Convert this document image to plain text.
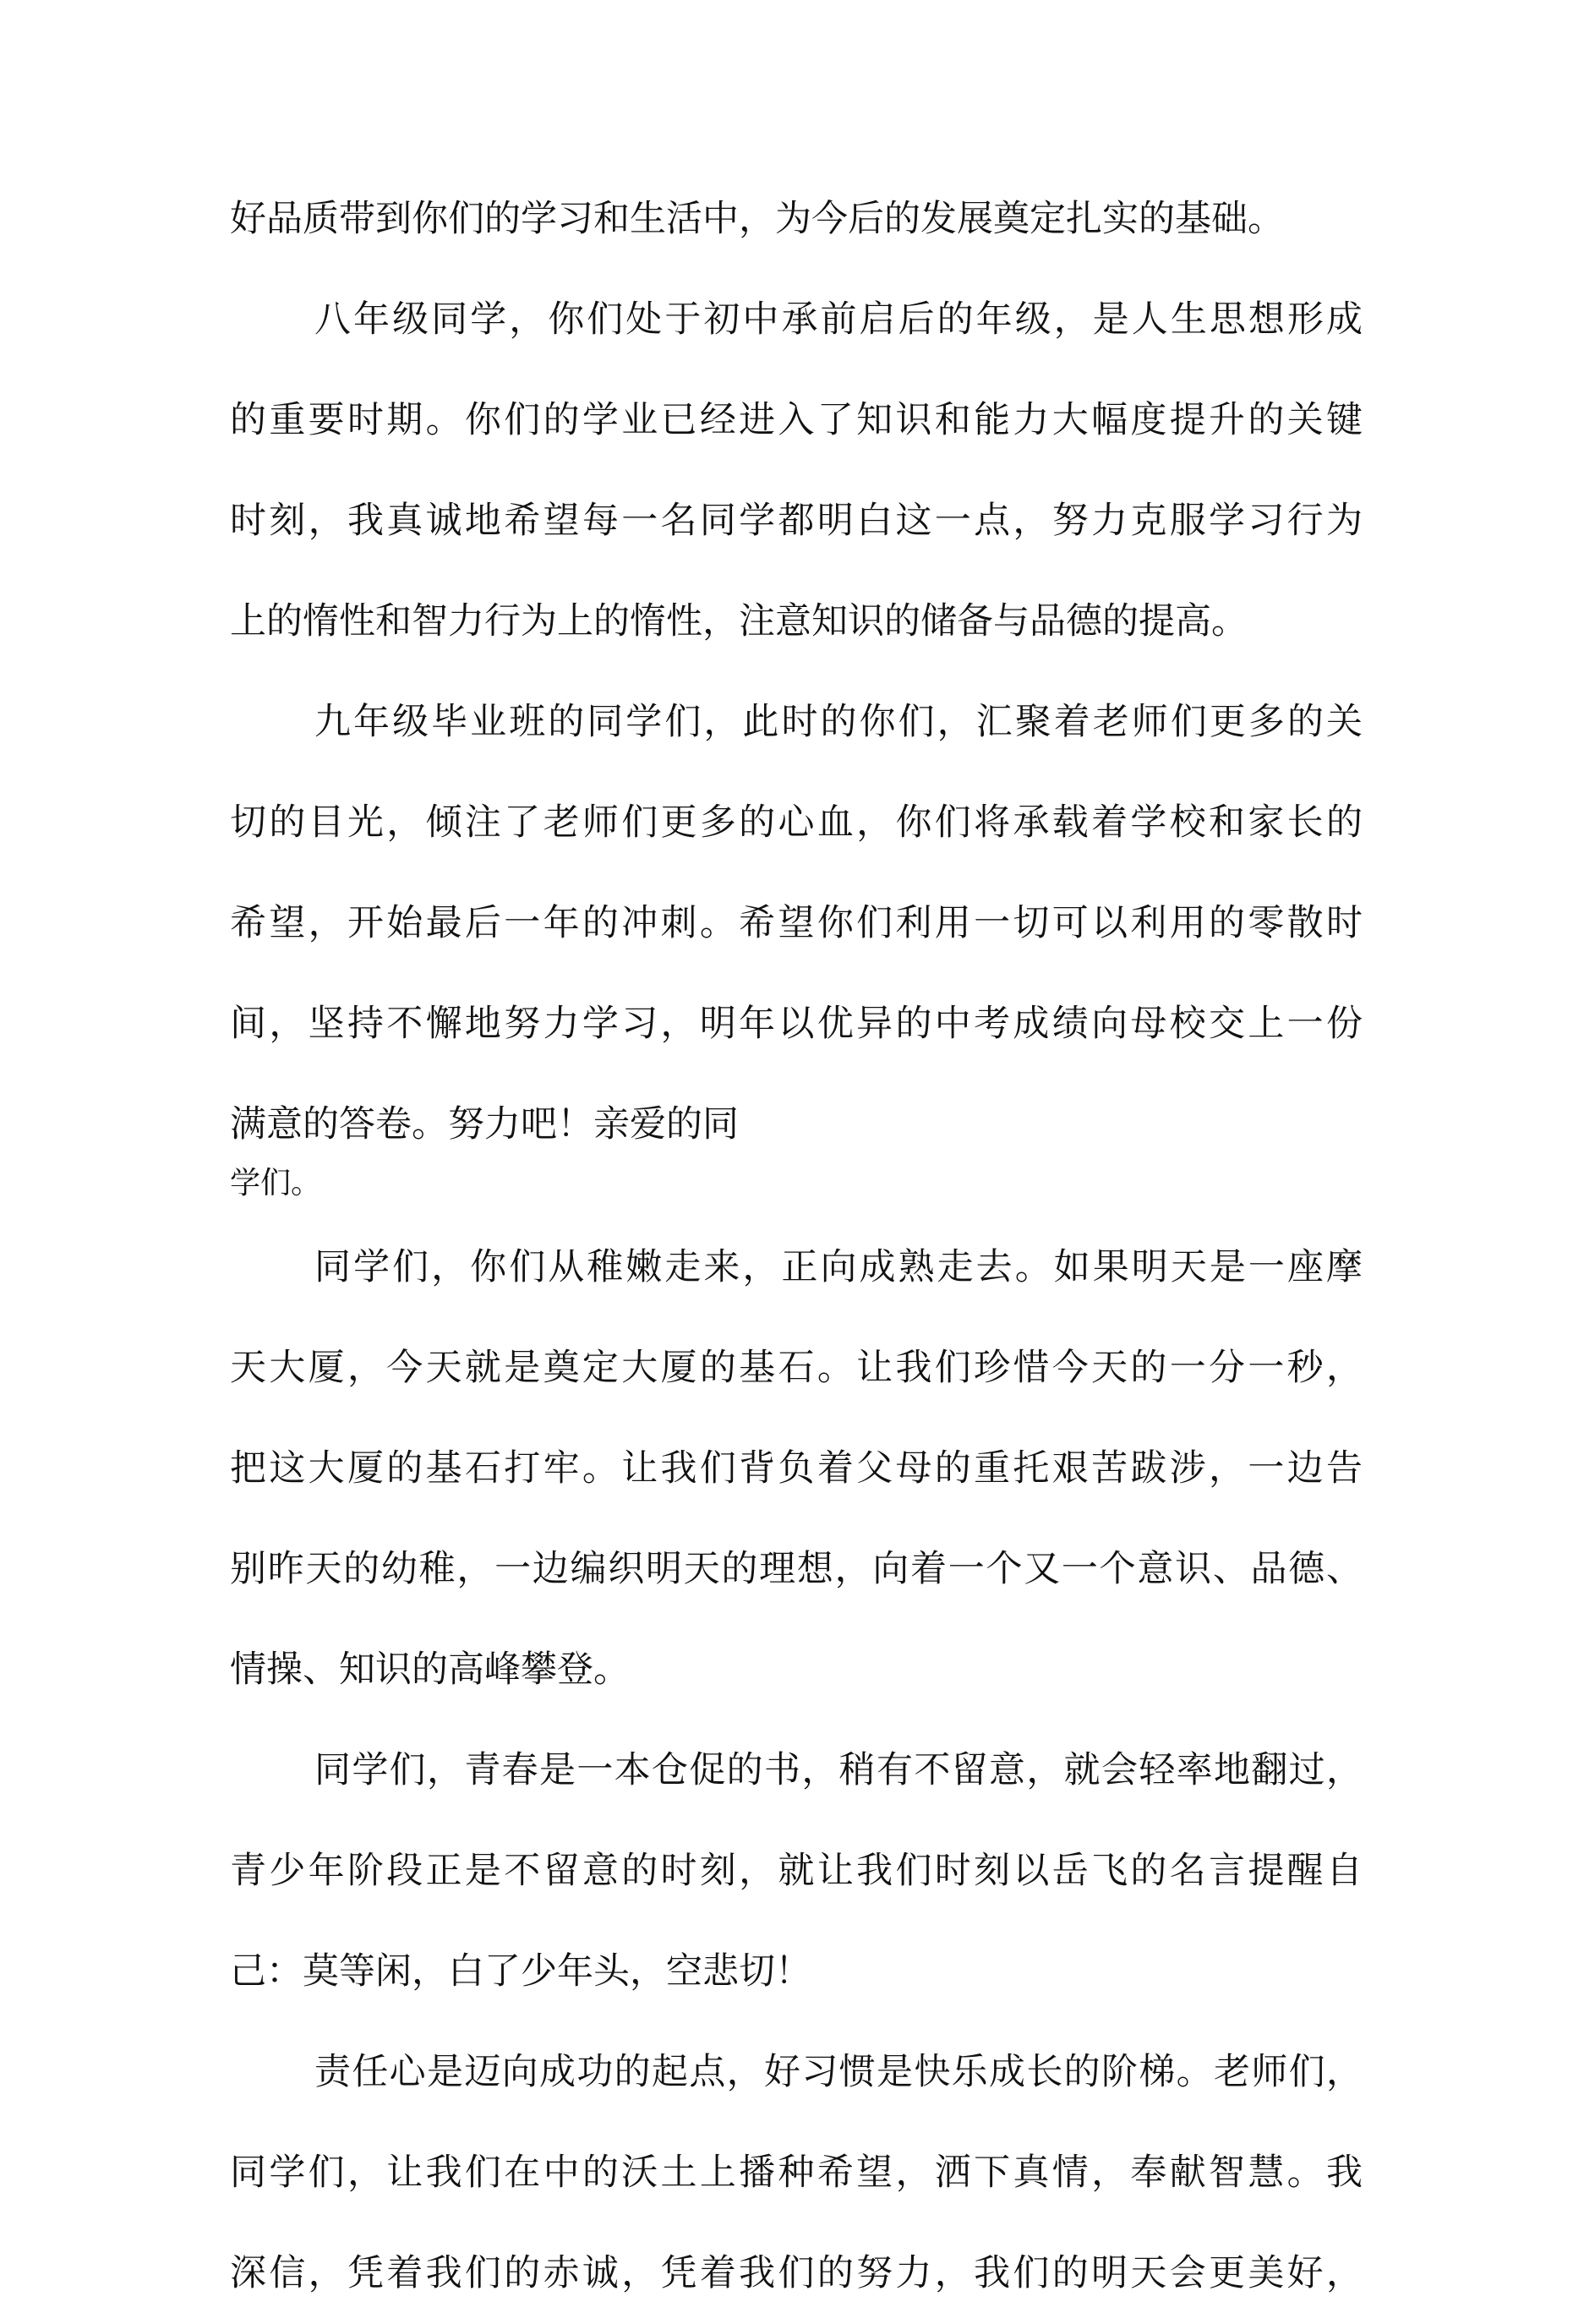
好品质带到你们的学习和生活中，为今后的发展奠定扎实的基础。
八年级同学，你们处于初中承前启后的年级，是人生思想形成
的重要时期。你们的学业已经进入了知识和能力大幅度提升的关键
时刻，我真诚地希望每一名同学都明白这一点，努力克服学习行为
上的惰性和智力行为上的惰性，注意知识的储备与品德的提高。
九年级毕业班的同学们，此时的你们，汇聚着老师们更多的关
切的目光，倾注了老师们更多的心血，你们将承载着学校和家长的
希望，开始最后一年的冲刺。希望你们利用一切可以利用的零散时
间，坚持不懈地努力学习，明年以优异的中考成绩向母校交上一份
满意的答卷。努力吧！亲爱的同
学们。
同学们，你们从稚嫩走来，正向成熟走去。如果明天是一座摩
天大厦，今天就是奠定大厦的基石。让我们珍惜今天的一分一秒，
把这大厦的基石打牢。让我们背负着父母的重托艰苦跋涉，一边告
别昨天的幼稚，一边编织明天的理想，向着一个又一个意识、品德、
情操、知识的高峰攀登。
同学们，青春是一本仓促的书，稍有不留意，就会轻率地翻过，
青少年阶段正是不留意的时刻，就让我们时刻以岳飞的名言提醒自
己：莫等闲，白了少年头，空悲切！
责任心是迈向成功的起点，好习惯是快乐成长的阶梯。老师们，
同学们，让我们在中的沃土上播种希望，洒下真情，奉献智慧。我
深信，凭着我们的赤诚，凭着我们的努力，我们的明天会更美好，
